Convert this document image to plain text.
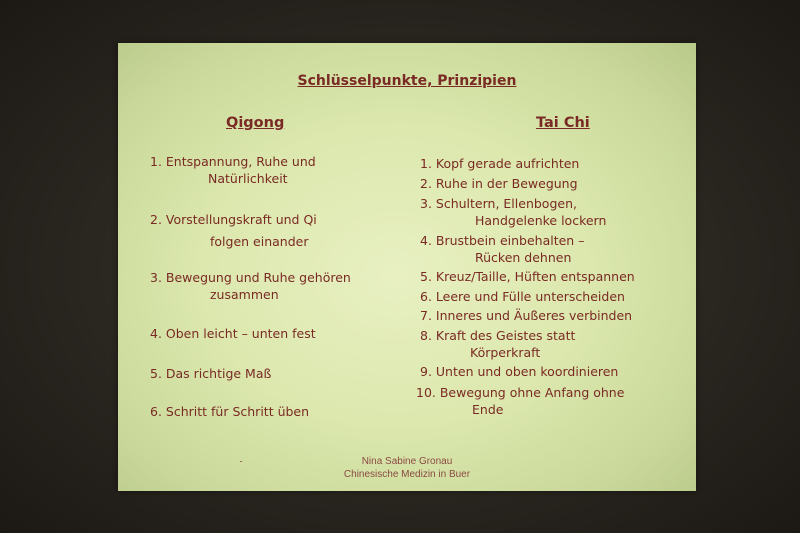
Schlüsselpunkte, Prinzipien
Qigong	Tai Chi
1. Entspannung, Ruhe und
Natürlichkeit
2. Vorstellungskraft und Qi
folgen einander
3. Bewegung und Ruhe gehören
zusammen
4. Oben leicht – unten fest
5. Das richtige Maß
6. Schritt für Schritt üben
1. Kopf gerade aufrichten
2. Ruhe in der Bewegung
3. Schultern, Ellenbogen,
Handgelenke lockern
4. Brustbein einbehalten –
Rücken dehnen
5. Kreuz/Taille, Hüften entspannen
6. Leere und Fülle unterscheiden
7. Inneres und Äußeres verbinden
8. Kraft des Geistes statt
Körperkraft
9. Unten und oben koordinieren
10. Bewegung ohne Anfang ohne
Ende
Nina Sabine Gronau
Chinesische Medizin in Buer
